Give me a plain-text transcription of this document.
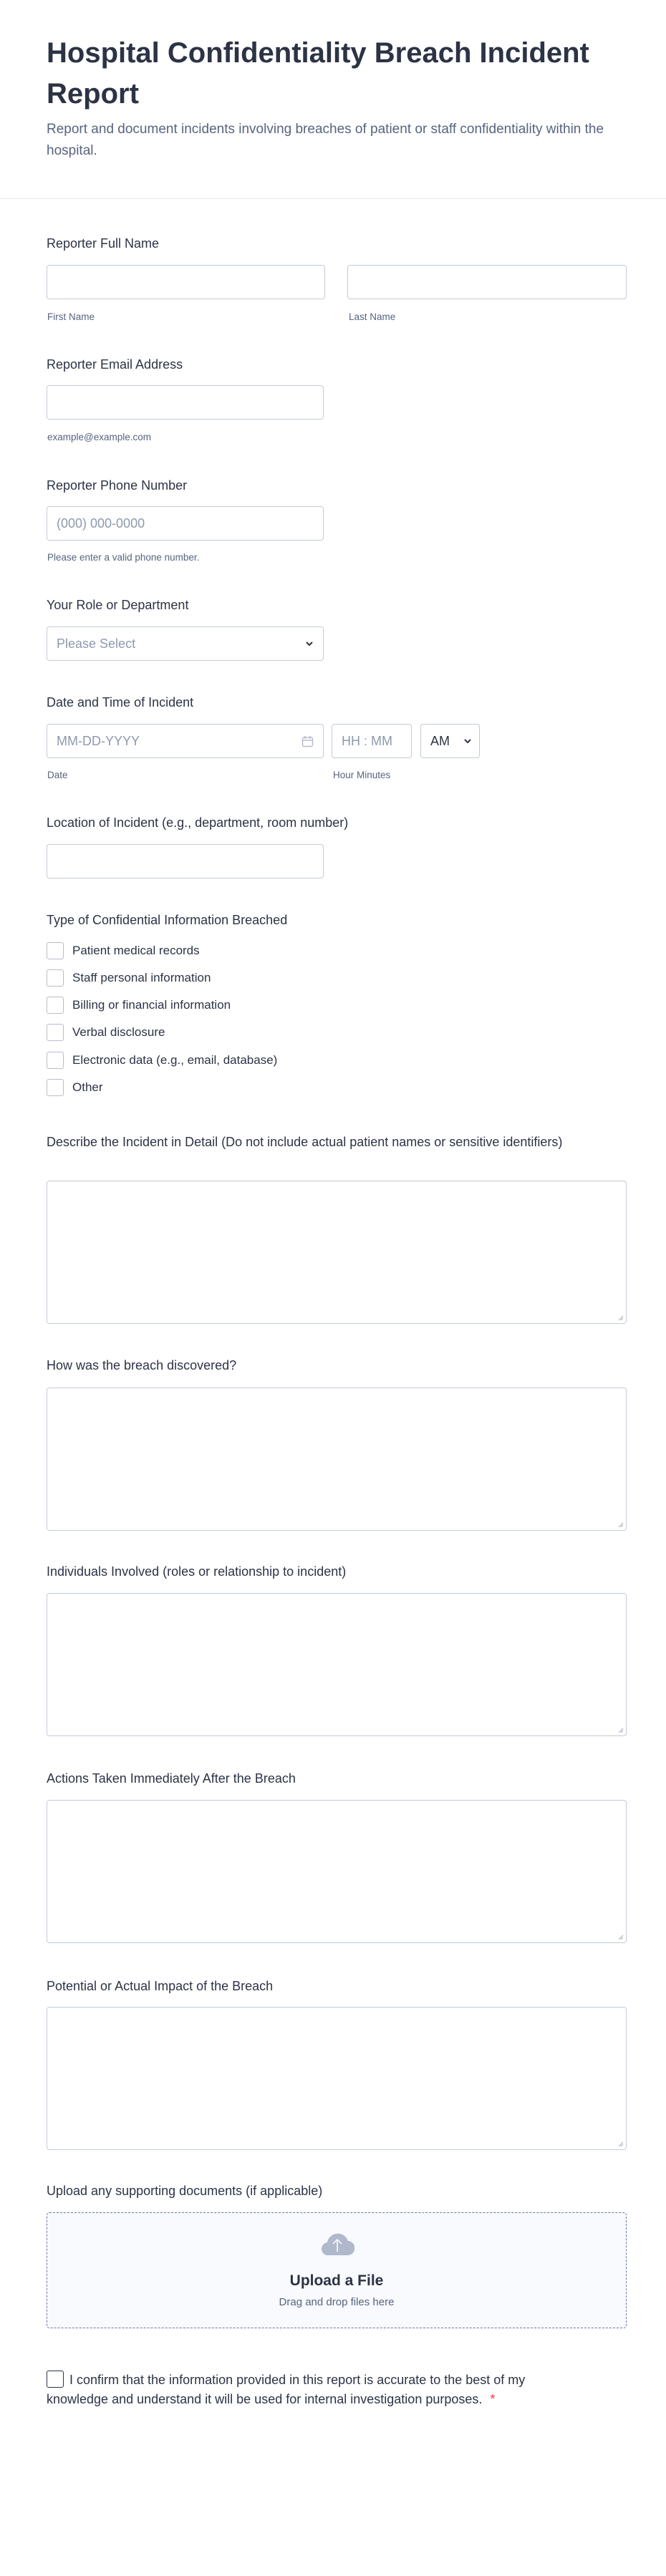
Hospital Confidentiality Breach Incident Report
Report and document incidents involving breaches of patient or staff confidentiality within the hospital.
Reporter Full Name
First Name	Last Name
Reporter Email Address
example@example.com
Reporter Phone Number
(000) 000-0000
Please enter a valid phone number.
Your Role or Department
Please Select
Date and Time of Incident
MM-DD-YYYY	HH : MM	AM
Date	Hour Minutes
Location of Incident (e.g., department, room number)
Type of Confidential Information Breached
Patient medical records
Staff personal information
Billing or financial information
Verbal disclosure
Electronic data (e.g., email, database)
Other
Describe the Incident in Detail (Do not include actual patient names or sensitive identifiers)
How was the breach discovered?
Individuals Involved (roles or relationship to incident)
Actions Taken Immediately After the Breach
Potential or Actual Impact of the Breach
Upload any supporting documents (if applicable)
Upload a File
Drag and drop files here
I confirm that the information provided in this report is accurate to the best of my knowledge and understand it will be used for internal investigation purposes. *
